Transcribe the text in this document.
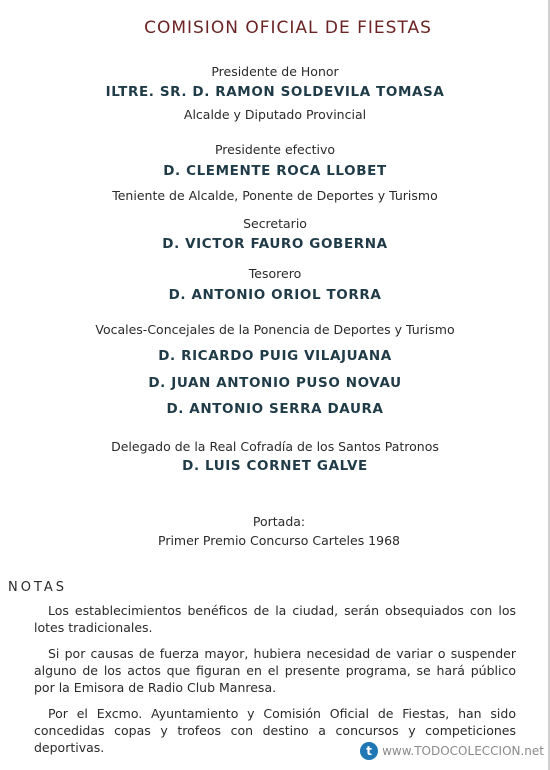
COMISION OFICIAL DE FIESTAS
Presidente de Honor
ILTRE. SR. D. RAMON SOLDEVILA TOMASA
Alcalde y Diputado Provincial
Presidente efectivo
D. CLEMENTE ROCA LLOBET
Teniente de Alcalde, Ponente de Deportes y Turismo
Secretario
D. VICTOR FAURO GOBERNA
Tesorero
D. ANTONIO ORIOL TORRA
Vocales-Concejales de la Ponencia de Deportes y Turismo
D. RICARDO PUIG VILAJUANA
D. JUAN ANTONIO PUSO NOVAU
D. ANTONIO SERRA DAURA
Delegado de la Real Cofradía de los Santos Patronos
D. LUIS CORNET GALVE
Portada:
Primer Premio Concurso Carteles 1968
NOTAS
Los establecimientos benéficos de la ciudad, serán obsequiados con los lotes tradicionales.
Si por causas de fuerza mayor, hubiera necesidad de variar o suspender alguno de los actos que figuran en el presente programa, se hará público por la Emisora de Radio Club Manresa.
Por el Excmo. Ayuntamiento y Comisión Oficial de Fiestas, han sido concedidas copas y trofeos con destino a concursos y competiciones deportivas.	t www.TODOCOLECCION.net
